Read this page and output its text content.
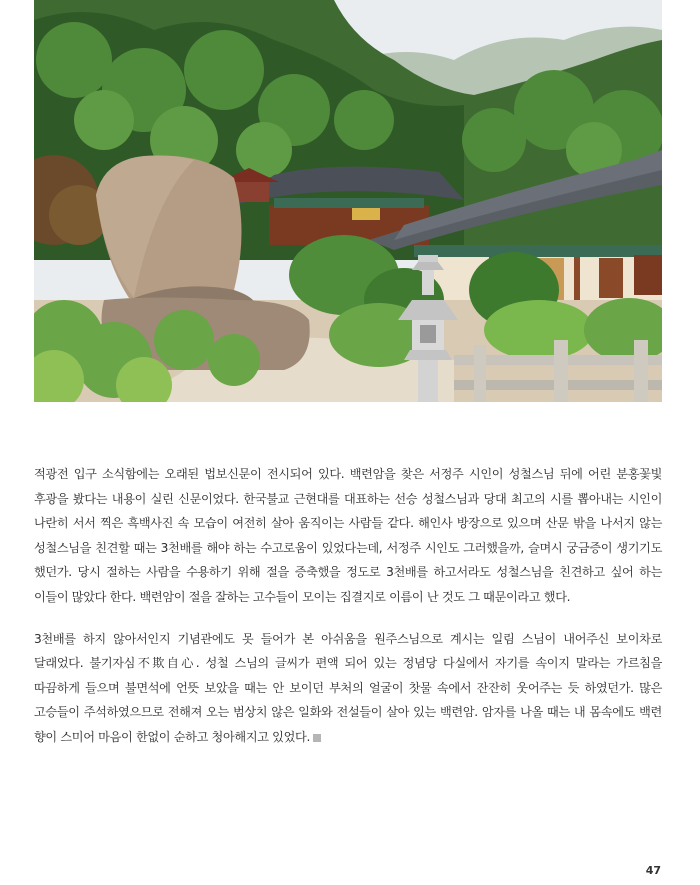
적광전 입구 소식함에는 오래된 법보신문이 전시되어 있다. 백련암을 찾은 서정주 시인이 성철스님 뒤에 어린 분홍꽃빛 후광을 봤다는 내용이 실린 신문이었다. 한국불교 근현대를 대표하는 선승 성철스님과 당대 최고의 시를 뽑아내는 시인이 나란히 서서 찍은 흑백사진 속 모습이 여전히 살아 움직이는 사람들 같다. 해인사 방장으로 있으며 산문 밖을 나서지 않는 성철스님을 친견할 때는 3천배를 해야 하는 수고로움이 있었다는데, 서정주 시인도 그러했을까, 슬며시 궁금증이 생기기도 했던가. 당시 절하는 사람을 수용하기 위해 절을 증축했을 정도로 3천배를 하고서라도 성철스님을 친견하고 싶어 하는 이들이 많았다 한다. 백련암이 절을 잘하는 고수들이 모이는 집결지로 이름이 난 것도 그 때문이라고 했다.

3천배를 하지 않아서인지 기념관에도 못 들어가 본 아쉬움을 원주스님으로 계시는 일림 스님이 내어주신 보이차로 달래었다. 불기자심不欺自心. 성철 스님의 글씨가 편액 되어 있는 정념당 다실에서 자기를 속이지 말라는 가르침을 따끔하게 들으며 불면석에 언뜻 보았을 때는 안 보이던 부처의 얼굴이 찻물 속에서 잔잔히 웃어주는 듯 하였던가. 많은 고승들이 주석하였으므로 전해져 오는 범상치 않은 일화와 전설들이 살아 있는 백련암. 암자를 나올 때는 내 몸속에도 백련 향이 스미어 마음이 한없이 순하고 청아해지고 있었다.

47
